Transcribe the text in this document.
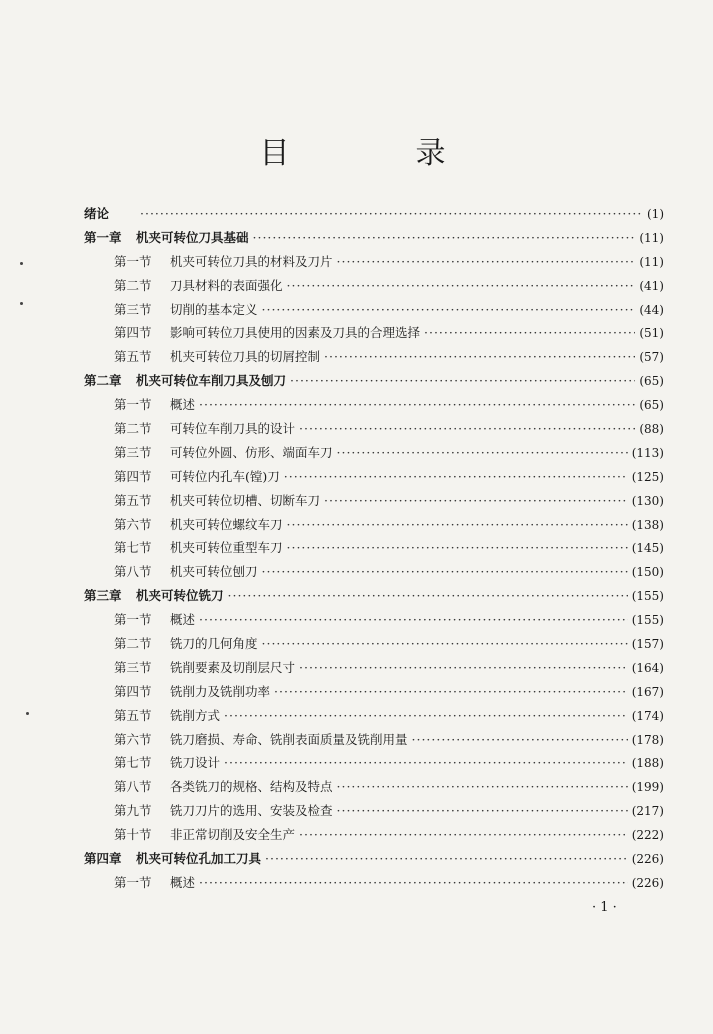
目　录
绪论 ·····	(1)
第一章	机夹可转位刀具基础 ·····	(11)
第一节	机夹可转位刀具的材料及刀片 ·····	(11)
第二节	刀具材料的表面强化 ·····	(41)
第三节	切削的基本定义 ·····	(44)
第四节	影响可转位刀具使用的因素及刀具的合理选择 ·····	(51)
第五节	机夹可转位刀具的切屑控制 ·····	(57)
第二章	机夹可转位车削刀具及刨刀 ·····	(65)
第一节	概述 ·····	(65)
第二节	可转位车削刀具的设计 ·····	(88)
第三节	可转位外圆、仿形、端面车刀 ·····	(113)
第四节	可转位内孔车(镗)刀 ·····	(125)
第五节	机夹可转位切槽、切断车刀 ·····	(130)
第六节	机夹可转位螺纹车刀 ·····	(138)
第七节	机夹可转位重型车刀 ·····	(145)
第八节	机夹可转位刨刀 ·····	(150)
第三章	机夹可转位铣刀 ·····	(155)
第一节	概述 ·····	(155)
第二节	铣刀的几何角度 ·····	(157)
第三节	铣削要素及切削层尺寸 ·····	(164)
第四节	铣削力及铣削功率 ·····	(167)
第五节	铣削方式 ·····	(174)
第六节	铣刀磨损、寿命、铣削表面质量及铣削用量 ·····	(178)
第七节	铣刀设计 ·····	(188)
第八节	各类铣刀的规格、结构及特点 ·····	(199)
第九节	铣刀刀片的选用、安装及检查 ·····	(217)
第十节	非正常切削及安全生产 ·····	(222)
第四章	机夹可转位孔加工刀具 ·····	(226)
第一节	概述 ·····	(226)
· 1 ·
